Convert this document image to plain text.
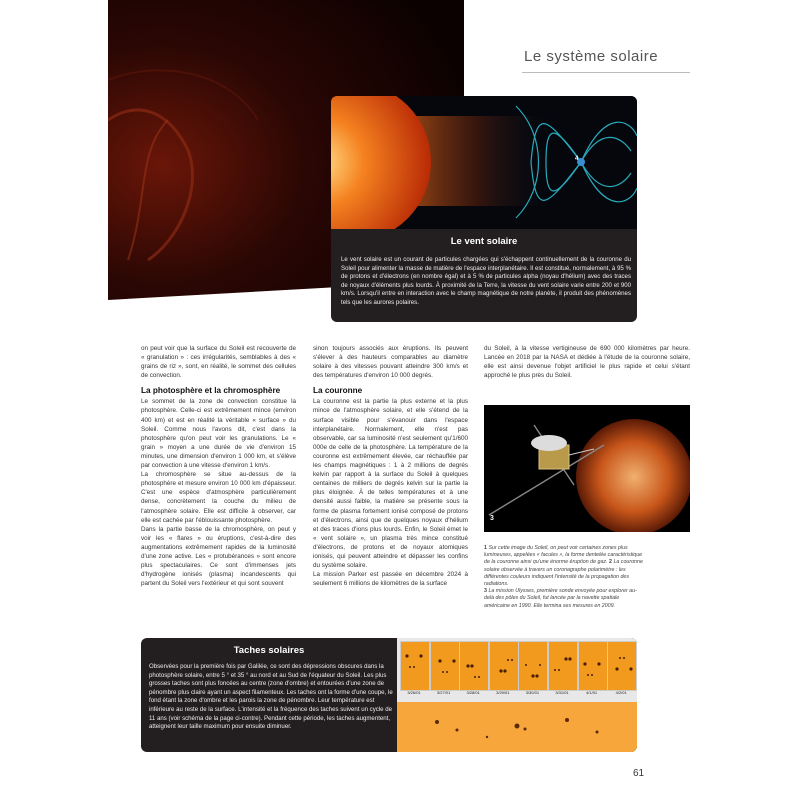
Le système solaire
4
Le vent solaire
Le vent solaire est un courant de particules chargées qui s'échappent continuellement de la couronne du Soleil pour alimenter la masse de matière de l'espace interplanétaire. Il est constitué, normalement, à 95 % de protons et d'électrons (en nombre égal) et à 5 % de particules alpha (noyau d'hélium) avec des traces de noyaux d'éléments plus lourds. À proximité de la Terre, la vitesse du vent solaire varie entre 200 et 900 km/s. Lorsqu'il entre en interaction avec le champ magnétique de notre planète, il produit des phénomènes tels que les aurores polaires.

on peut voir que la surface du Soleil est recouverte de « granulation » : ces irrégularités, semblables à des « grains de riz », sont, en réalité, le sommet des cellules de convection.

La photosphère et la chromosphère

Le sommet de la zone de convection constitue la photosphère. Celle-ci est extrêmement mince (environ 400 km) et est en réalité la véritable « surface » du Soleil. Comme nous l'avons dit, c'est dans la photosphère qu'on peut voir les granulations. Le « grain » moyen a une durée de vie d'environ 15 minutes, une dimension d'environ 1 000 km, et s'élève par convection à une vitesse d'environ 1 km/s.

La chromosphère se situe au-dessus de la photosphère et mesure environ 10 000 km d'épaisseur. C'est une espèce d'atmosphère particulièrement dense, concrètement la couche du milieu de l'atmosphère solaire. Elle est difficile à observer, car elle est cachée par l'éblouissante photosphère.

Dans la partie basse de la chromosphère, on peut y voir les « flares » ou éruptions, c'est-à-dire des augmentations extrêmement rapides de la luminosité d'une zone active. Les « protubérances » sont encore plus spectaculaires. Ce sont d'immenses jets d'hydrogène ionisés (plasma) incandescents qui partent du Soleil vers l'extérieur et qui sont souvent

sinon toujours associés aux éruptions. Ils peuvent s'élever à des hauteurs comparables au diamètre solaire à des vitesses pouvant atteindre 300 km/s et des températures d'environ 10 000 degrés.

La couronne

La couronne est la partie la plus externe et la plus mince de l'atmosphère solaire, et elle s'étend de la surface visible pour s'évanouir dans l'espace interplanétaire. Normalement, elle n'est pas observable, car sa luminosité n'est seulement qu'1/600 000e de celle de la photosphère. La température de la couronne est extrêmement élevée, car réchauffée par les champs magnétiques : 1 à 2 millions de degrés kelvin par rapport à la surface du Soleil à quelques centaines de milliers de degrés kelvin sur la partie la plus éloignée. À de telles températures et à une densité aussi faible, la matière se présente sous la forme de plasma fortement ionisé composé de protons et d'électrons, ainsi que de quelques noyaux d'hélium et des traces d'ions plus lourds. Enfin, le Soleil émet le « vent solaire », un plasma très mince constitué d'électrons, de protons et de noyaux atomiques ionisés, qui peuvent atteindre et dépasser les confins du système solaire.

La mission Parker est passée en décembre 2024 à seulement 6 millions de kilomètres de la surface

du Soleil, à la vitesse vertigineuse de 690 000 kilomètres par heure. Lancée en 2018 par la NASA et dédiée à l'étude de la couronne solaire, elle est ainsi devenue l'objet artificiel le plus rapide et celui s'étant approché le plus près du Soleil.

3

1 Sur cette image du Soleil, on peut voir certaines zones plus lumineuses, appelées « facules », la forme dentelée caractéristique de la couronne ainsi qu'une énorme éruption de gaz. 2 La couronne solaire observée à travers un coronagraphe polarimètre : les différentes couleurs indiquent l'intensité de la propagation des radiations.

3 La mission Ulysses, première sonde envoyée pour explorer au-delà des pôles du Soleil, fut lancée par la navette spatiale américaine en 1990. Elle termina ses mesures en 2009.

Taches solaires
Observées pour la première fois par Galilée, ce sont des dépressions obscures dans la photosphère solaire, entre 5 ° et 35 ° au nord et au Sud de l'équateur du Soleil. Les plus grosses taches sont plus foncées au centre (zone d'ombre) et entourées d'une zone de pénombre plus claire ayant un aspect filamenteux. Les taches ont la forme d'une coupe, le fond étant la zone d'ombre et les parois la zone de pénombre. Leur température est inférieure au reste de la surface. L'intensité et la fréquence des taches suivent un cycle de 11 ans (voir schéma de la page ci-contre). Pendant cette période, les taches augmentent, atteignent leur taille maximum pour ensuite diminuer.
3/26/01	3/27/01	3/28/01	3/29/01	3/30/01	3/31/01	4/1/01	4/2/01
61
